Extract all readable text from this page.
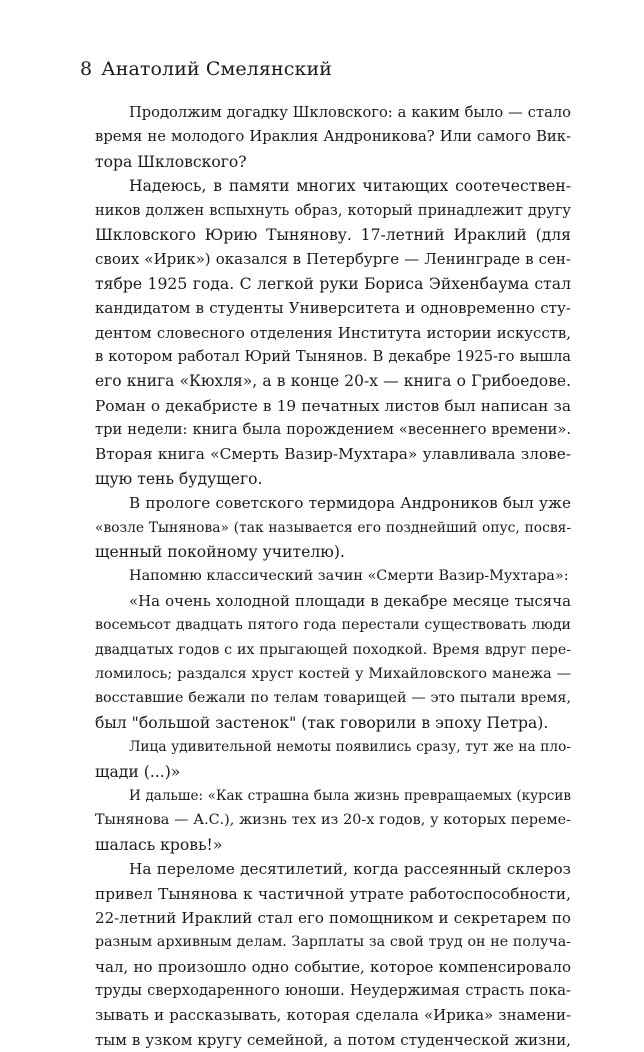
8 Анатолий Смелянский
Продолжим догадку Шкловского: а каким было — стало
время не молодого Ираклия Андроникова? Или самого Вик-
тора Шкловского?
Надеюсь, в памяти многих читающих соотечествен-
ников должен вспыхнуть образ, который принадлежит другу
Шкловского Юрию Тынянову. 17-летний Ираклий (для
своих «Ирик») оказался в Петербурге — Ленинграде в сен-
тябре 1925 года. С легкой руки Бориса Эйхенбаума стал
кандидатом в студенты Университета и одновременно сту-
дентом словесного отделения Института истории искусств,
в котором работал Юрий Тынянов. В декабре 1925-го вышла
его книга «Кюхля», а в конце 20-х — книга о Грибоедове.
Роман о декабристе в 19 печатных листов был написан за
три недели: книга была порождением «весеннего времени».
Вторая книга «Смерть Вазир-Мухтара» улавливала злове-
щую тень будущего.
В прологе советского термидора Андроников был уже
«возле Тынянова» (так называется его позднейший опус, посвя-
щенный покойному учителю).
Напомню классический зачин «Смерти Вазир-Мухтара»:
«На очень холодной площади в декабре месяце тысяча
восемьсот двадцать пятого года перестали существовать люди
двадцатых годов с их прыгающей походкой. Время вдруг пере-
ломилось; раздался хруст костей у Михайловского манежа —
восставшие бежали по телам товарищей — это пытали время,
был "большой застенок" (так говорили в эпоху Петра).
Лица удивительной немоты появились сразу, тут же на пло-
щади (...)»
И дальше: «Как страшна была жизнь превращаемых (курсив
Тынянова — А.С.), жизнь тех из 20-х годов, у которых переме-
шалась кровь!»
На переломе десятилетий, когда рассеянный склероз
привел Тынянова к частичной утрате работоспособности,
22-летний Ираклий стал его помощником и секретарем по
разным архивным делам. Зарплаты за свой труд он не получа-
чал, но произошло одно событие, которое компенсировало
труды сверходаренного юноши. Неудержимая страсть пока-
зывать и рассказывать, которая сделала «Ирика» знамени-
тым в узком кругу семейной, а потом студенческой жизни,
